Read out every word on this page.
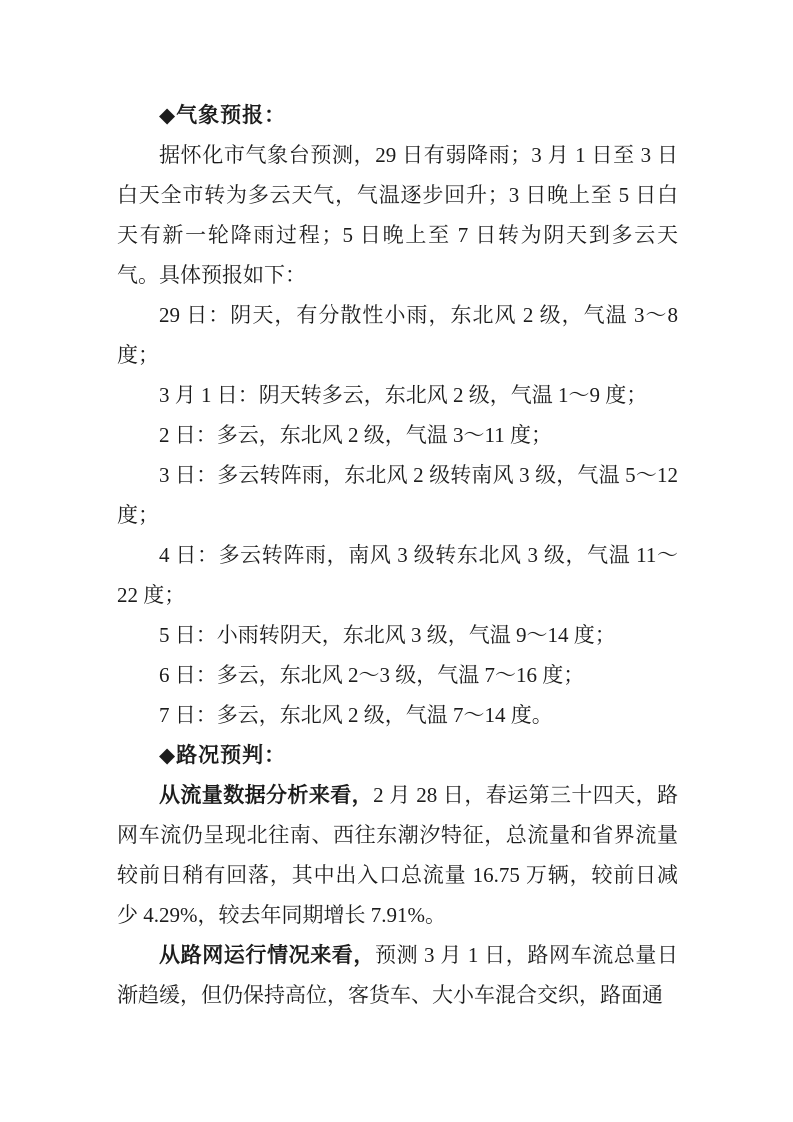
◆气象预报：

据怀化市气象台预测，29 日有弱降雨；3 月 1 日至 3 日白天全市转为多云天气，气温逐步回升；3 日晚上至 5 日白天有新一轮降雨过程；5 日晚上至 7 日转为阴天到多云天气。具体预报如下：

29 日：阴天，有分散性小雨，东北风 2 级，气温 3～8 度；

3 月 1 日：阴天转多云，东北风 2 级，气温 1～9 度；

2 日：多云，东北风 2 级，气温 3～11 度；

3 日：多云转阵雨，东北风 2 级转南风 3 级，气温 5～12 度；

4 日：多云转阵雨，南风 3 级转东北风 3 级，气温 11～22 度；

5 日：小雨转阴天，东北风 3 级，气温 9～14 度；

6 日：多云，东北风 2～3 级，气温 7～16 度；

7 日：多云，东北风 2 级，气温 7～14 度。

◆路况预判：

从流量数据分析来看，2 月 28 日，春运第三十四天，路网车流仍呈现北往南、西往东潮汐特征，总流量和省界流量较前日稍有回落，其中出入口总流量 16.75 万辆，较前日减少 4.29%，较去年同期增长 7.91%。

从路网运行情况来看，预测 3 月 1 日，路网车流总量日渐趋缓，但仍保持高位，客货车、大小车混合交织，路面通
